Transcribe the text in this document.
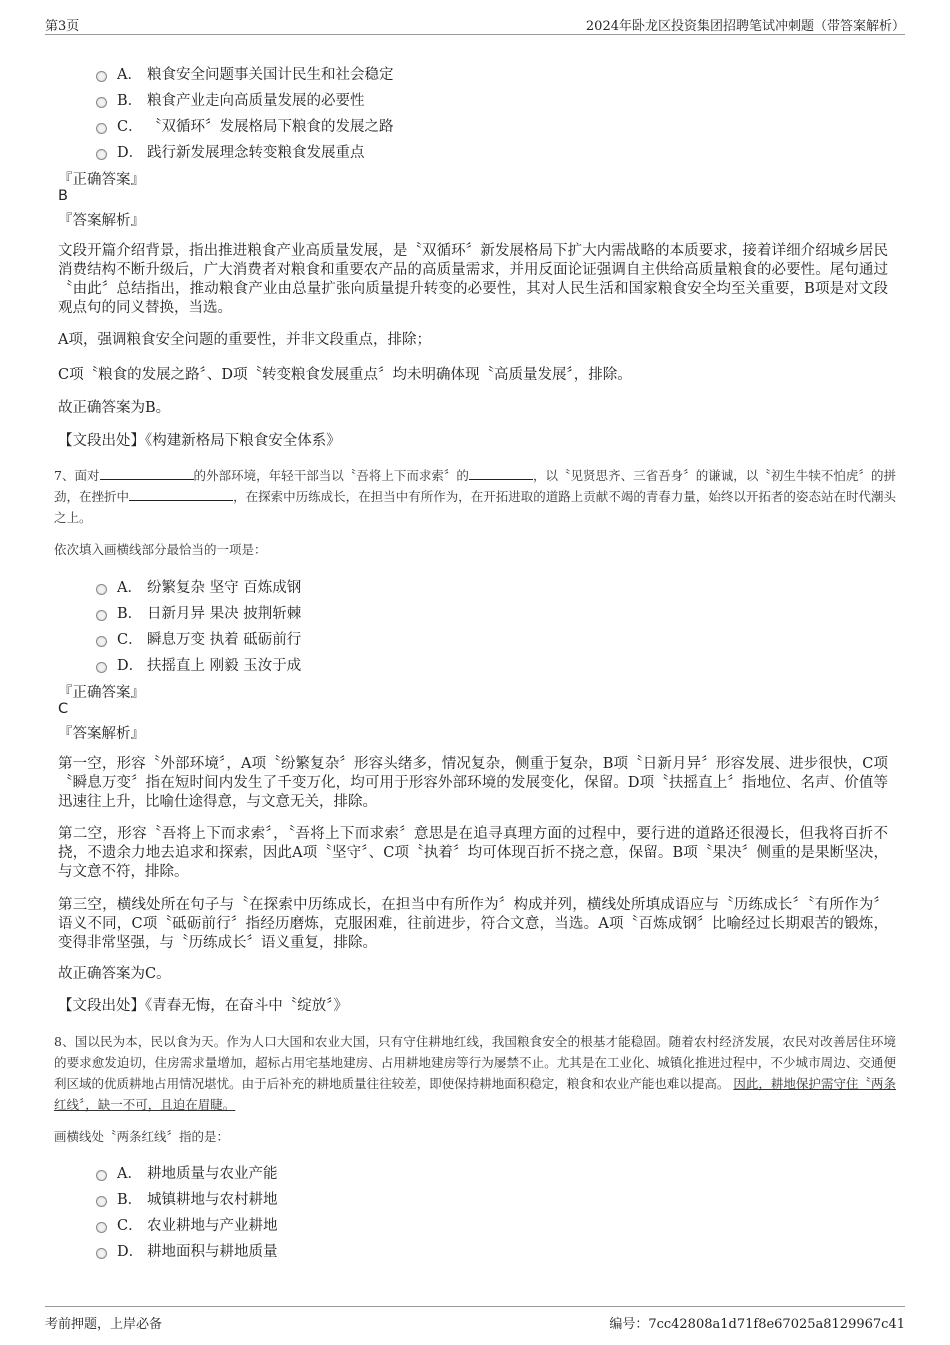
第3页	2024年卧龙区投资集团招聘笔试冲刺题（带答案解析）
A． 粮食安全问题事关国计民生和社会稳定
B． 粮食产业走向高质量发展的必要性
C． 〝双循环〞发展格局下粮食的发展之路
D． 践行新发展理念转变粮食发展重点
『正确答案』
B
『答案解析』
文段开篇介绍背景，指出推进粮食产业高质量发展，是〝双循环〞新发展格局下扩大内需战略的本质要求，接着详细介绍城乡居民消费结构不断升级后，广大消费者对粮食和重要农产品的高质量需求，并用反面论证强调自主供给高质量粮食的必要性。尾句通过〝由此〞总结指出，推动粮食产业由总量扩张向质量提升转变的必要性，其对人民生活和国家粮食安全均至关重要，B项是对文段观点句的同义替换，当选。
A项，强调粮食安全问题的重要性，并非文段重点，排除；
C项〝粮食的发展之路〞、D项〝转变粮食发展重点〞均未明确体现〝高质量发展〞，排除。
故正确答案为B。
【文段出处】《构建新格局下粮食安全体系》
7、面对	的外部环境，年轻干部当以〝吾将上下而求索〞的	，以〝见贤思齐、三省吾身〞的谦诚，以〝初生牛犊不怕虎〞的拼劲，在挫折中	，在探索中历练成长，在担当中有所作为，在开拓进取的道路上贡献不竭的青春力量，始终以开拓者的姿态站在时代潮头之上。
依次填入画横线部分最恰当的一项是：
A． 纷繁复杂 坚守 百炼成钢
B． 日新月异 果决 披荆斩棘
C． 瞬息万变 执着 砥砺前行
D． 扶摇直上 刚毅 玉汝于成
『正确答案』
C
『答案解析』
第一空，形容〝外部环境〞，A项〝纷繁复杂〞形容头绪多，情况复杂，侧重于复杂，B项〝日新月异〞形容发展、进步很快，C项〝瞬息万变〞指在短时间内发生了千变万化，均可用于形容外部环境的发展变化，保留。D项〝扶摇直上〞指地位、名声、价值等迅速往上升，比喻仕途得意，与文意无关，排除。
第二空，形容〝吾将上下而求索〞，〝吾将上下而求索〞意思是在追寻真理方面的过程中，要行进的道路还很漫长，但我将百折不挠，不遗余力地去追求和探索，因此A项〝坚守〞、C项〝执着〞均可体现百折不挠之意，保留。B项〝果决〞侧重的是果断坚决，与文意不符，排除。
第三空，横线处所在句子与〝在探索中历练成长，在担当中有所作为〞构成并列，横线处所填成语应与〝历练成长〞〝有所作为〞语义不同，C项〝砥砺前行〞指经历磨炼，克服困难，往前进步，符合文意，当选。A项〝百炼成钢〞比喻经过长期艰苦的锻炼，变得非常坚强，与〝历练成长〞语义重复，排除。
故正确答案为C。
【文段出处】《青春无悔，在奋斗中〝绽放〞》
8、国以民为本，民以食为天。作为人口大国和农业大国，只有守住耕地红线，我国粮食安全的根基才能稳固。随着农村经济发展，农民对改善居住环境的要求愈发迫切，住房需求量增加，超标占用宅基地建房、占用耕地建房等行为屡禁不止。尤其是在工业化、城镇化推进过程中，不少城市周边、交通便利区域的优质耕地占用情况堪忧。由于后补充的耕地质量往往较差，即使保持耕地面积稳定，粮食和农业产能也难以提高。 因此，耕地保护需守住〝两条红线〞，缺一不可，且迫在眉睫。
画横线处〝两条红线〞指的是：
A． 耕地质量与农业产能
B． 城镇耕地与农村耕地
C． 农业耕地与产业耕地
D． 耕地面积与耕地质量
考前押题，上岸必备	编号：7cc42808a1d71f8e67025a8129967c41
